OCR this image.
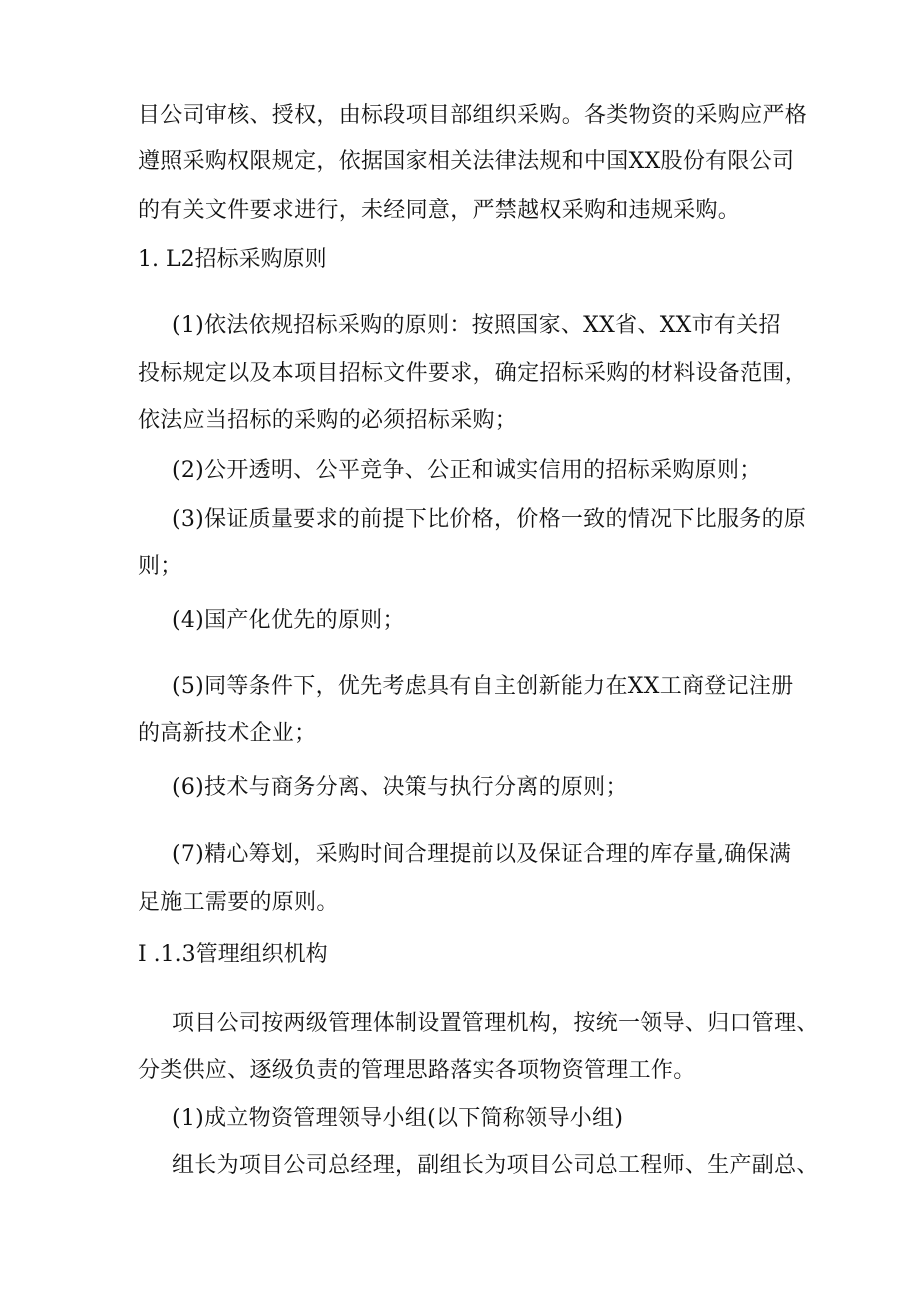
目公司审核、授权，由标段项目部组织采购。各类物资的采购应严格
遵照采购权限规定，依据国家相关法律法规和中国XX股份有限公司
的有关文件要求进行，未经同意，严禁越权采购和违规采购。
1. L2招标采购原则
(1)依法依规招标采购的原则：按照国家、XX省、XX市有关招
投标规定以及本项目招标文件要求，确定招标采购的材料设备范围，
依法应当招标的采购的必须招标采购；
(2)公开透明、公平竞争、公正和诚实信用的招标采购原则；
(3)保证质量要求的前提下比价格，价格一致的情况下比服务的原
则；
(4)国产化优先的原则；
(5)同等条件下，优先考虑具有自主创新能力在XX工商登记注册
的高新技术企业；
(6)技术与商务分离、决策与执行分离的原则；
(7)精心筹划，采购时间合理提前以及保证合理的库存量,确保满
足施工需要的原则。
I .1.3管理组织机构
项目公司按两级管理体制设置管理机构，按统一领导、归口管理、
分类供应、逐级负责的管理思路落实各项物资管理工作。
(1)成立物资管理领导小组(以下简称领导小组)
组长为项目公司总经理，副组长为项目公司总工程师、生产副总、
